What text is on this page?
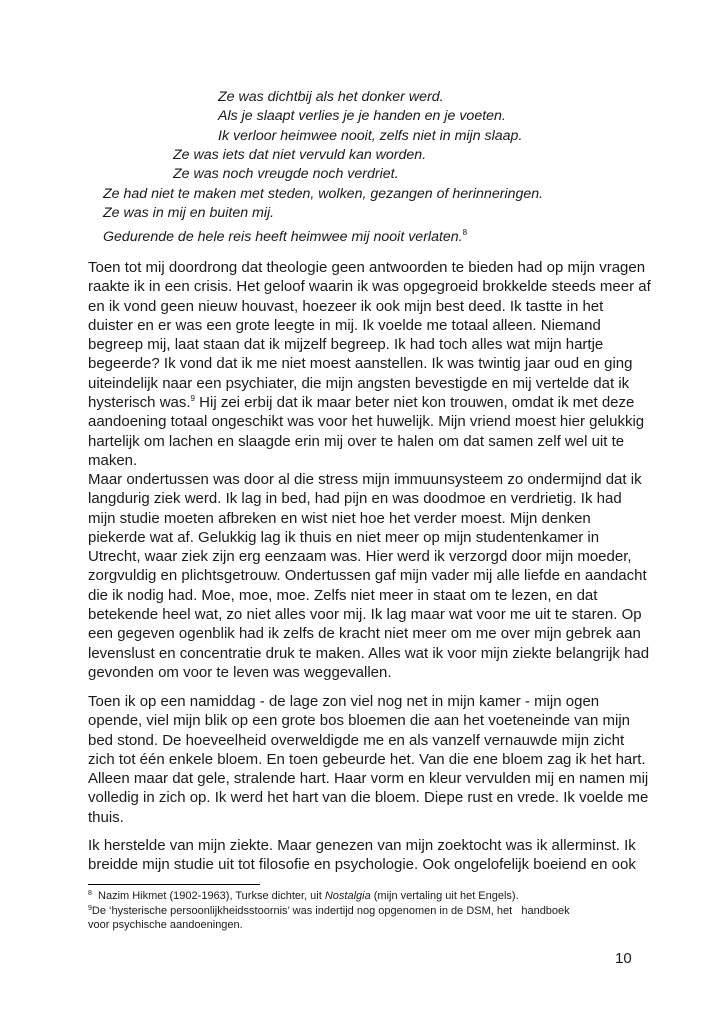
Ze was dichtbij als het donker werd.
Als je slaapt verlies je je handen en je voeten.
Ik verloor heimwee nooit, zelfs niet in mijn slaap.
Ze was iets dat niet vervuld kan worden.
Ze was noch vreugde noch verdriet.
Ze had niet te maken met steden, wolken, gezangen of herinneringen.
Ze was in mij en buiten mij.
Gedurende de hele reis heeft heimwee mij nooit verlaten.$^8$
Toen tot mij doordrong dat theologie geen antwoorden te bieden had op mijn vragen
raakte ik in een crisis. Het geloof waarin ik was opgegroeid brokkelde steeds meer af
en ik vond geen nieuw houvast, hoezeer ik ook mijn best deed. Ik tastte in het
duister en er was een grote leegte in mij. Ik voelde me totaal alleen. Niemand
begreep mij, laat staan dat ik mijzelf begreep. Ik had toch alles wat mijn hartje
begeerde? Ik vond dat ik me niet moest aanstellen. Ik was twintig jaar oud en ging
uiteindelijk naar een psychiater, die mijn angsten bevestigde en mij vertelde dat ik
hysterisch was.$^9$ Hij zei erbij dat ik maar beter niet kon trouwen, omdat ik met deze
aandoening totaal ongeschikt was voor het huwelijk. Mijn vriend moest hier gelukkig
hartelijk om lachen en slaagde erin mij over te halen om dat samen zelf wel uit te
maken.
Maar ondertussen was door al die stress mijn immuunsysteem zo ondermijnd dat ik
langdurig ziek werd. Ik lag in bed, had pijn en was doodmoe en verdrietig. Ik had
mijn studie moeten afbreken en wist niet hoe het verder moest. Mijn denken
piekerde wat af. Gelukkig lag ik thuis en niet meer op mijn studentenkamer in
Utrecht, waar ziek zijn erg eenzaam was. Hier werd ik verzorgd door mijn moeder,
zorgvuldig en plichtsgetrouw. Ondertussen gaf mijn vader mij alle liefde en aandacht
die ik nodig had. Moe, moe, moe. Zelfs niet meer in staat om te lezen, en dat
betekende heel wat, zo niet alles voor mij. Ik lag maar wat voor me uit te staren. Op
een gegeven ogenblik had ik zelfs de kracht niet meer om me over mijn gebrek aan
levenslust en concentratie druk te maken. Alles wat ik voor mijn ziekte belangrijk had
gevonden om voor te leven was weggevallen.
Toen ik op een namiddag - de lage zon viel nog net in mijn kamer - mijn ogen
opende, viel mijn blik op een grote bos bloemen die aan het voeteneinde van mijn
bed stond. De hoeveelheid overweldigde me en als vanzelf vernauwde mijn zicht
zich tot één enkele bloem. En toen gebeurde het. Van die ene bloem zag ik het hart.
Alleen maar dat gele, stralende hart. Haar vorm en kleur vervulden mij en namen mij
volledig in zich op. Ik werd het hart van die bloem. Diepe rust en vrede. Ik voelde me
thuis.
Ik herstelde van mijn ziekte. Maar genezen van mijn zoektocht was ik allerminst. Ik
breidde mijn studie uit tot filosofie en psychologie. Ook ongelofelijk boeiend en ook
$^8$  Nazim Hikmet (1902-1963), Turkse dichter, uit Nostalgia (mijn vertaling uit het Engels).
$^9$De ‘hysterische persoonlijkheidsstoornis’ was indertijd nog opgenomen in de DSM, het   handboek
voor psychische aandoeningen.
10
